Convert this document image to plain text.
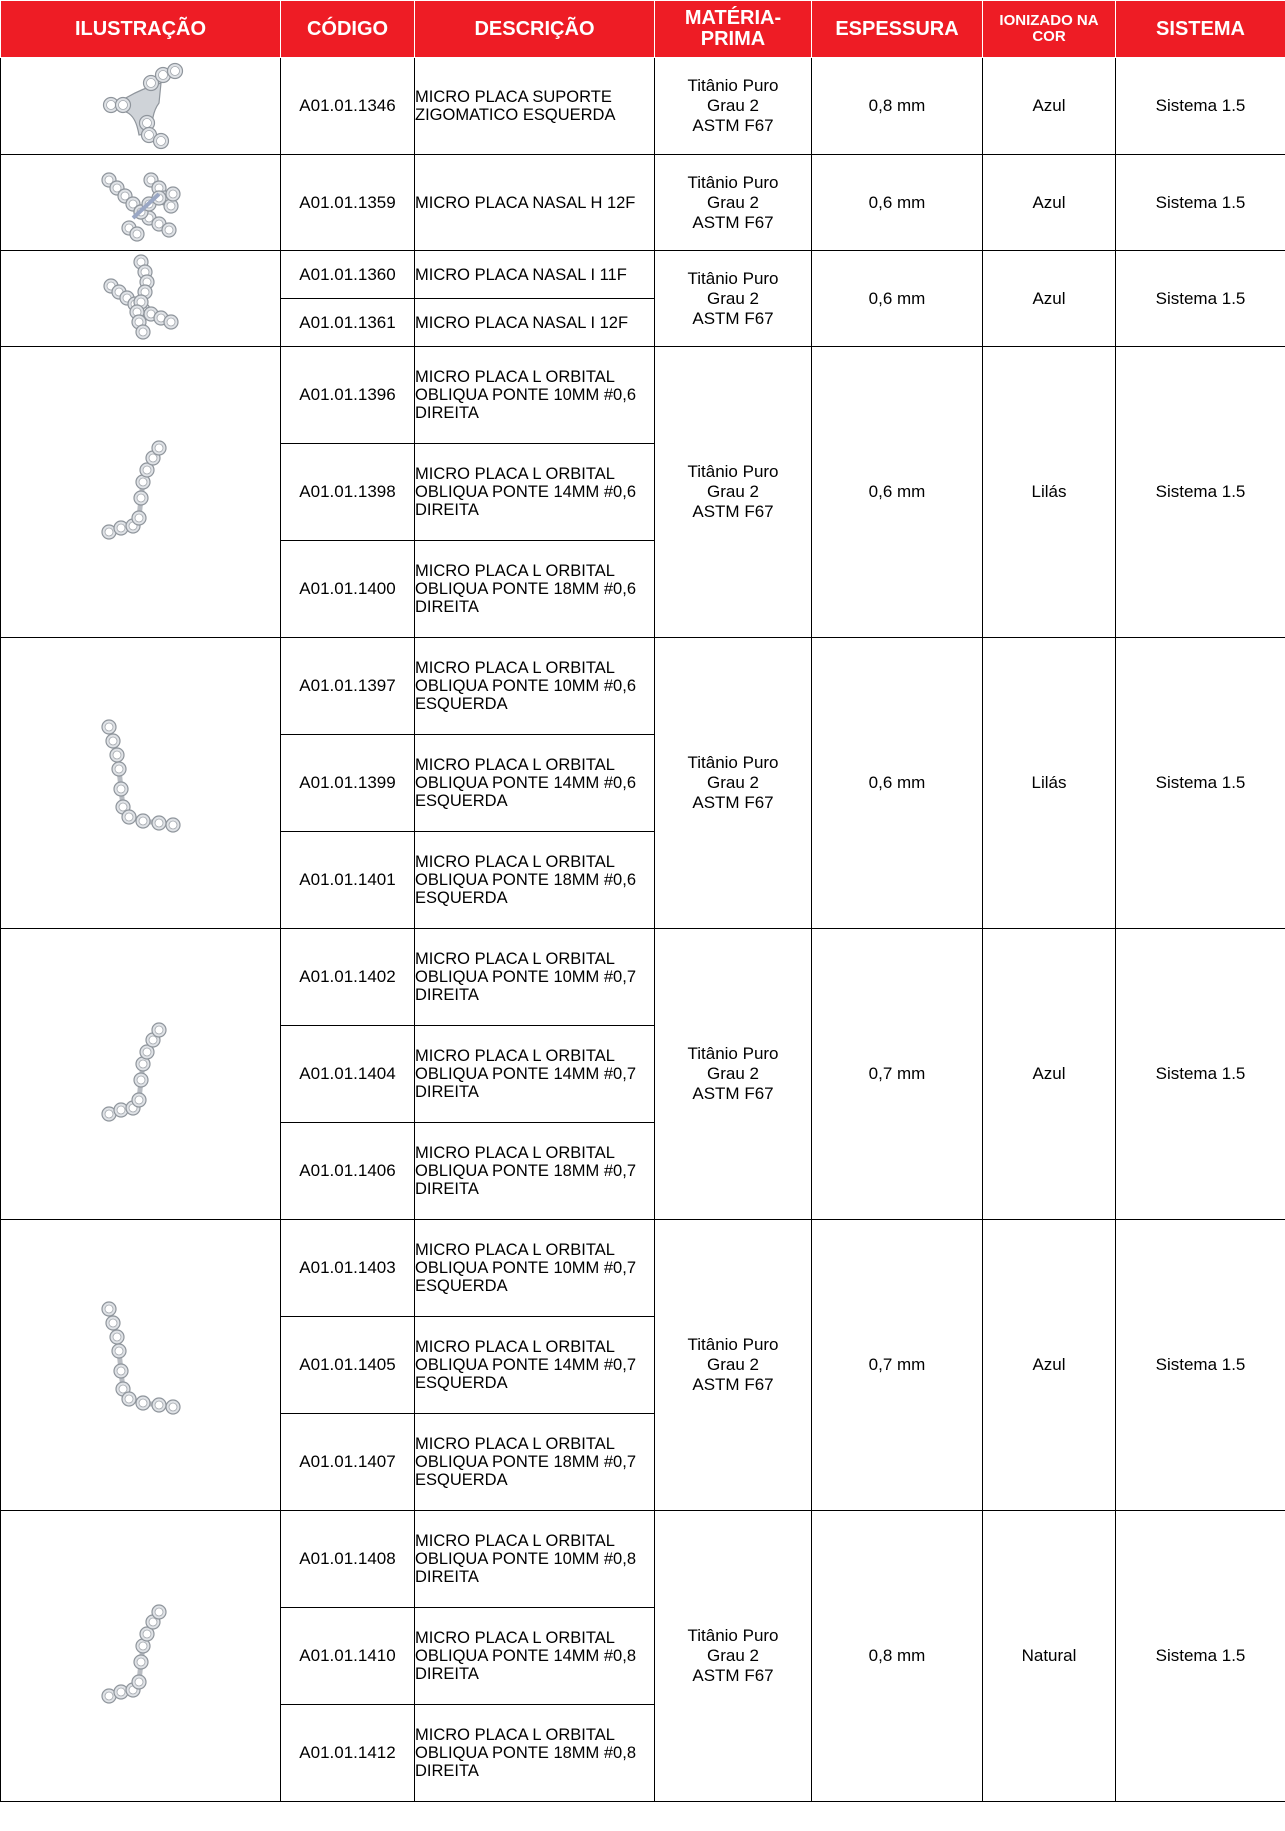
ILUSTRAÇÃO	CÓDIGO	DESCRIÇÃO	MATÉRIA-PRIMA	ESPESSURA	IONIZADO NA COR	SISTEMA

	A01.01.1346	MICRO PLACA SUPORTE ZIGOMATICO ESQUERDA	Titânio Puro
Grau 2
ASTM F67	0,8 mm	Azul	Sistema 1.5

	A01.01.1359	MICRO PLACA NASAL H 12F	Titânio Puro
Grau 2
ASTM F67	0,6 mm	Azul	Sistema 1.5

	A01.01.1360	MICRO PLACA NASAL I 11F	Titânio Puro
Grau 2
ASTM F67	0,6 mm	Azul	Sistema 1.5
	A01.01.1361	MICRO PLACA NASAL I 12F				

	A01.01.1396	MICRO PLACA L ORBITAL OBLIQUA PONTE 10MM #0,6 DIREITA	Titânio Puro
Grau 2
ASTM F67	0,6 mm	Lilás	Sistema 1.5
	A01.01.1398	MICRO PLACA L ORBITAL OBLIQUA PONTE 14MM #0,6 DIREITA				
	A01.01.1400	MICRO PLACA L ORBITAL OBLIQUA PONTE 18MM #0,6 DIREITA				

	A01.01.1397	MICRO PLACA L ORBITAL OBLIQUA PONTE 10MM #0,6 ESQUERDA	Titânio Puro
Grau 2
ASTM F67	0,6 mm	Lilás	Sistema 1.5
	A01.01.1399	MICRO PLACA L ORBITAL OBLIQUA PONTE 14MM #0,6 ESQUERDA				
	A01.01.1401	MICRO PLACA L ORBITAL OBLIQUA PONTE 18MM #0,6 ESQUERDA				

	A01.01.1402	MICRO PLACA L ORBITAL OBLIQUA PONTE 10MM #0,7 DIREITA	Titânio Puro
Grau 2
ASTM F67	0,7 mm	Azul	Sistema 1.5
	A01.01.1404	MICRO PLACA L ORBITAL OBLIQUA PONTE 14MM #0,7 DIREITA				
	A01.01.1406	MICRO PLACA L ORBITAL OBLIQUA PONTE 18MM #0,7 DIREITA				

	A01.01.1403	MICRO PLACA L ORBITAL OBLIQUA PONTE 10MM #0,7 ESQUERDA	Titânio Puro
Grau 2
ASTM F67	0,7 mm	Azul	Sistema 1.5
	A01.01.1405	MICRO PLACA L ORBITAL OBLIQUA PONTE 14MM #0,7 ESQUERDA				
	A01.01.1407	MICRO PLACA L ORBITAL OBLIQUA PONTE 18MM #0,7 ESQUERDA				

	A01.01.1408	MICRO PLACA L ORBITAL OBLIQUA PONTE 10MM #0,8 DIREITA	Titânio Puro
Grau 2
ASTM F67	0,8 mm	Natural	Sistema 1.5
	A01.01.1410	MICRO PLACA L ORBITAL OBLIQUA PONTE 14MM #0,8 DIREITA				
	A01.01.1412	MICRO PLACA L ORBITAL OBLIQUA PONTE 18MM #0,8 DIREITA				
